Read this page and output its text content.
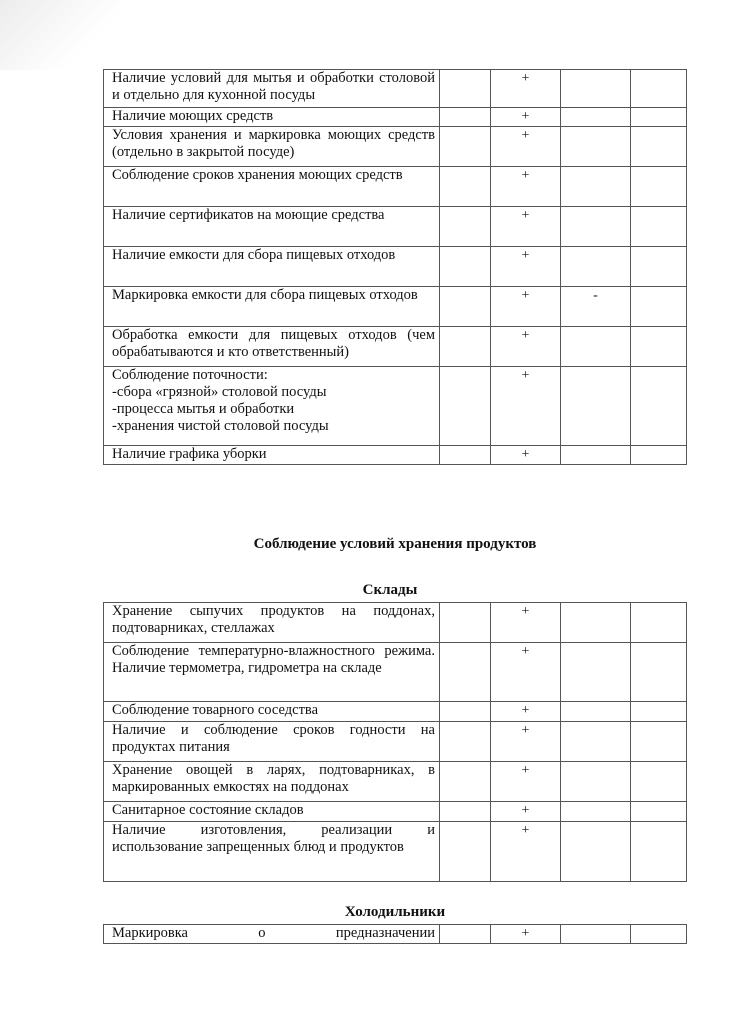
Наличие условий для мытья и обработки столовой и отдельно для кухонной посуды		+		
Наличие моющих средств		+		
Условия хранения и маркировка моющих средств (отдельно в закрытой посуде)		+		
Соблюдение сроков хранения моющих средств		+		
Наличие сертификатов на моющие средства		+		
Наличие емкости для сбора пищевых отходов		+		
Маркировка емкости для сбора пищевых отходов		+	-	
Обработка емкости для пищевых отходов (чем обрабатываются и кто ответственный)		+		
Соблюдение поточности:
-сбора «грязной» столовой посуды
-процесса мытья и обработки
-хранения чистой столовой посуды		+		
Наличие графика уборки		+		
Соблюдение условий хранения продуктов
Склады
Хранение сыпучих продуктов на поддонах, подтоварниках, стеллажах		+		
Соблюдение температурно-влажностного режима. Наличие термометра, гидрометра на складе		+		
Соблюдение товарного соседства		+		
Наличие и соблюдение сроков годности на продуктах питания		+		
Хранение овощей в ларях, подтоварниках, в маркированных емкостях на поддонах		+		
Санитарное состояние складов		+		
Наличие изготовления, реализации и использование запрещенных блюд и продуктов		+		
Холодильники
Маркировка о предназначении		+		
